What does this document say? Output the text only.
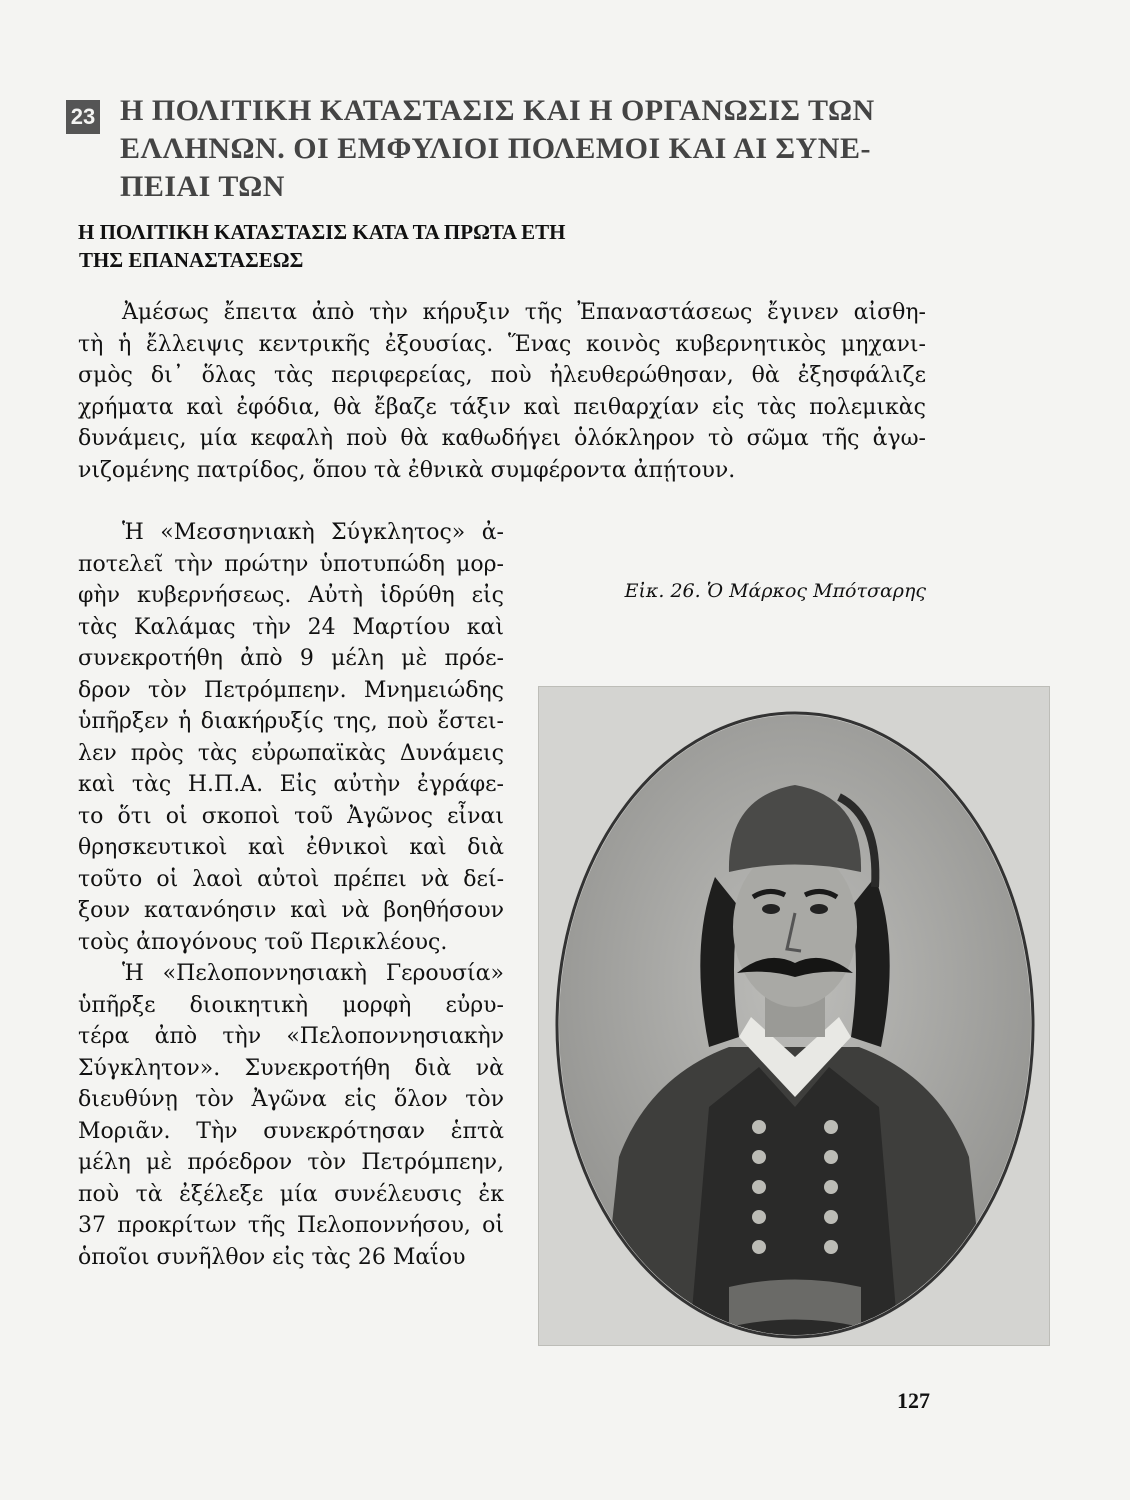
23 Η ΠΟΛΙΤΙΚΗ ΚΑΤΑΣΤΑΣΙΣ ΚΑΙ Η ΟΡΓΑΝΩΣΙΣ ΤΩΝ
ΕΛΛΗΝΩΝ. ΟΙ ΕΜΦΥΛΙΟΙ ΠΟΛΕΜΟΙ ΚΑΙ ΑΙ ΣΥΝΕ-
ΠΕΙΑΙ ΤΩΝ
Η ΠΟΛΙΤΙΚΗ ΚΑΤΑΣΤΑΣΙΣ ΚΑΤΑ ΤΑ ΠΡΩΤΑ ΕΤΗ
ΤΗΣ ΕΠΑΝΑΣΤΑΣΕΩΣ
Ἀμέσως ἔπειτα ἀπὸ τὴν κήρυξιν τῆς Ἐπαναστάσεως ἔγινεν αἰσθη-
τὴ ἡ ἔλλειψις κεντρικῆς ἐξουσίας. Ἕνας κοινὸς κυβερνητικὸς μηχανι-
σμὸς δι᾽ ὅλας τὰς περιφερείας, ποὺ ἠλευθερώθησαν, θὰ ἐξησφάλιζε
χρήματα καὶ ἐφόδια, θὰ ἔβαζε τάξιν καὶ πειθαρχίαν εἰς τὰς πολεμικὰς
δυνάμεις, μία κεφαλὴ ποὺ θὰ καθωδήγει ὁλόκληρον τὸ σῶμα τῆς ἀγω-
νιζομένης πατρίδος, ὅπου τὰ ἐθνικὰ συμφέροντα ἀπῄτουν.
Ἡ «Μεσσηνιακὴ Σύγκλητος» ἀ-
ποτελεῖ τὴν πρώτην ὑποτυπώδη μορ-
φὴν κυβερνήσεως. Αὐτὴ ἱδρύθη εἰς
τὰς Καλάμας τὴν 24 Μαρτίου καὶ
συνεκροτήθη ἀπὸ 9 μέλη μὲ πρόε-
δρον τὸν Πετρόμπεην. Μνημειώδης
ὑπῆρξεν ἡ διακήρυξίς της, ποὺ ἔστει-
λεν πρὸς τὰς εὐρωπαϊκὰς Δυνάμεις
καὶ τὰς Η.Π.Α. Εἰς αὐτὴν ἐγράφε-
το ὅτι οἱ σκοποὶ τοῦ Ἀγῶνος εἶναι
θρησκευτικοὶ καὶ ἐθνικοὶ καὶ διὰ
τοῦτο οἱ λαοὶ αὐτοὶ πρέπει νὰ δεί-
ξουν κατανόησιν καὶ νὰ βοηθήσουν
τοὺς ἀπογόνους τοῦ Περικλέους.
Ἡ «Πελοποννησιακὴ Γερουσία»
ὑπῆρξε διοικητικὴ μορφὴ εὐρυ-
τέρα ἀπὸ τὴν «Πελοποννησιακὴν
Σύγκλητον». Συνεκροτήθη διὰ νὰ
διευθύνῃ τὸν Ἀγῶνα εἰς ὅλον τὸν
Μοριᾶν. Τὴν συνεκρότησαν ἑπτὰ
μέλη μὲ πρόεδρον τὸν Πετρόμπεην,
ποὺ τὰ ἐξέλεξε μία συνέλευσις ἐκ
37 προκρίτων τῆς Πελοποννήσου, οἱ
ὁποῖοι συνῆλθον εἰς τὰς 26 Μαΐου
Εἰκ. 26. Ὁ Μάρκος Μπότσαρης
127
